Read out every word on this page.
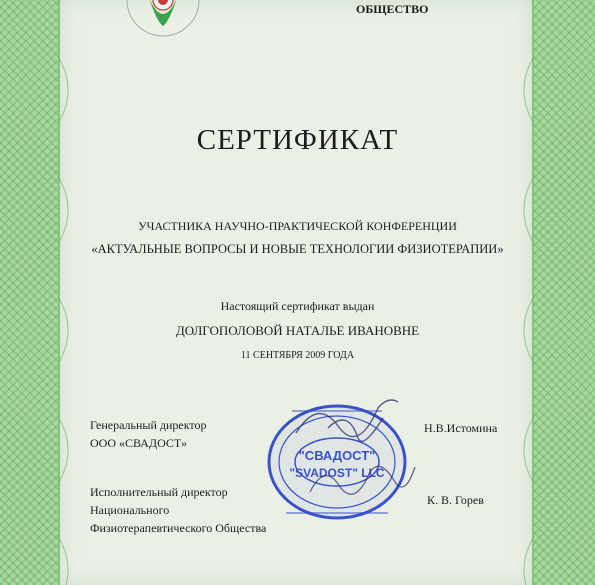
ОБЩЕСТВО
СЕРТИФИКАТ
УЧАСТНИКА НАУЧНО-ПРАКТИЧЕСКОЙ КОНФЕРЕНЦИИ
«АКТУАЛЬНЫЕ ВОПРОСЫ И НОВЫЕ ТЕХНОЛОГИИ ФИЗИОТЕРАПИИ»
Настоящий сертификат выдан
ДОЛГОПОЛОВОЙ НАТАЛЬЕ ИВАНОВНЕ
11 СЕНТЯБРЯ 2009 ГОДА
Генеральный директор
ООО «СВАДОСТ»
Н.В.Истомина
Исполнительный директор
Национального
Физиотерапевтического Общества
К. В. Горев
"СВАДОСТ"
"SVADOST" LLC
